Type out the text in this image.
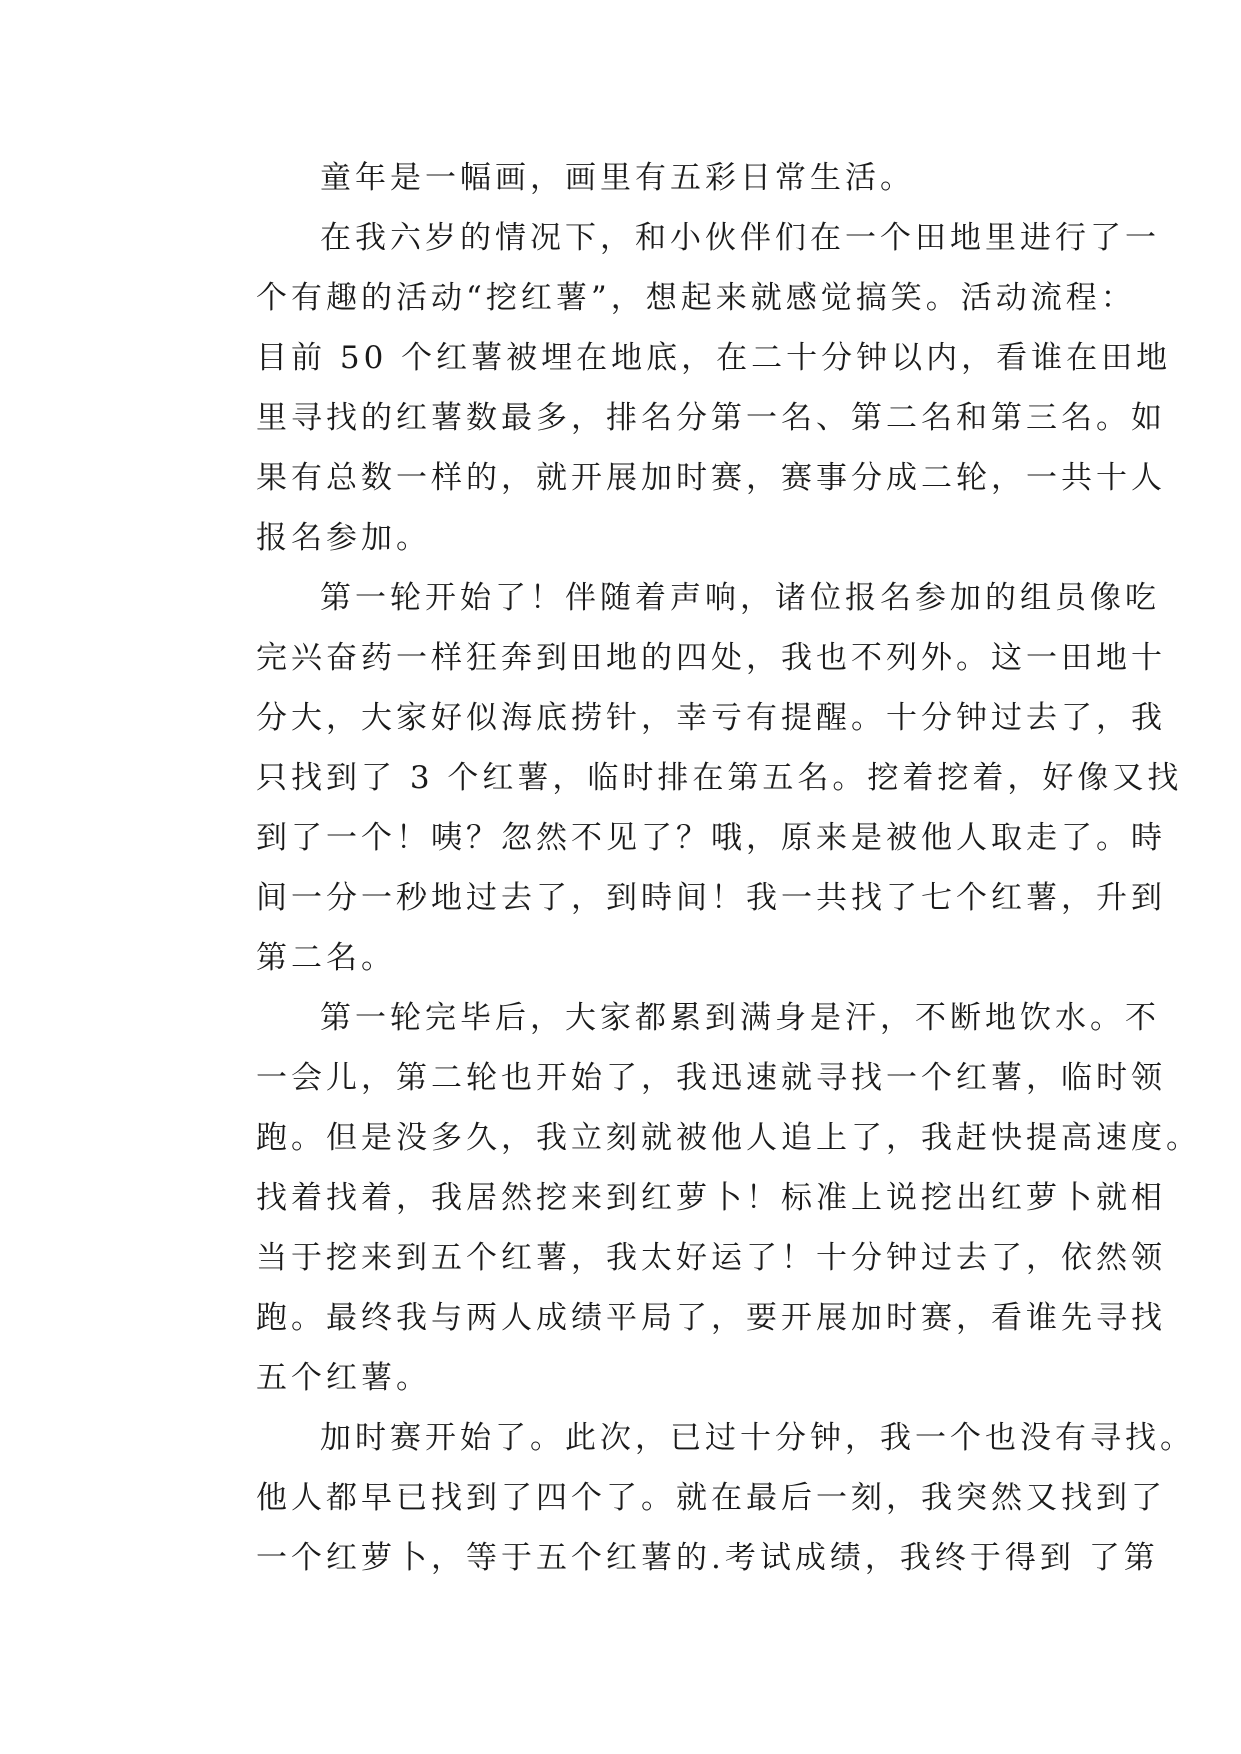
童年是一幅画，画里有五彩日常生活。
在我六岁的情况下，和小伙伴们在一个田地里进行了一
个有趣的活动“挖红薯”，想起来就感觉搞笑。活动流程：
目前 50 个红薯被埋在地底，在二十分钟以内，看谁在田地
里寻找的红薯数最多，排名分第一名、第二名和第三名。如
果有总数一样的，就开展加时赛，赛事分成二轮，一共十人
报名参加。
第一轮开始了！伴随着声响，诸位报名参加的组员像吃
完兴奋药一样狂奔到田地的四处，我也不列外。这一田地十
分大，大家好似海底捞针，幸亏有提醒。十分钟过去了，我
只找到了 3 个红薯，临时排在第五名。挖着挖着，好像又找
到了一个！咦？忽然不见了？哦，原来是被他人取走了。時
间一分一秒地过去了，到時间！我一共找了七个红薯，升到
第二名。
第一轮完毕后，大家都累到满身是汗，不断地饮水。不
一会儿，第二轮也开始了，我迅速就寻找一个红薯，临时领
跑。但是没多久，我立刻就被他人追上了，我赶快提高速度。
找着找着，我居然挖来到红萝卜！标准上说挖出红萝卜就相
当于挖来到五个红薯，我太好运了！十分钟过去了，依然领
跑。最终我与两人成绩平局了，要开展加时赛，看谁先寻找
五个红薯。
加时赛开始了。此次，已过十分钟，我一个也没有寻找。
他人都早已找到了四个了。就在最后一刻，我突然又找到了
一个红萝卜，等于五个红薯的.考试成绩，我终于得到 了第
